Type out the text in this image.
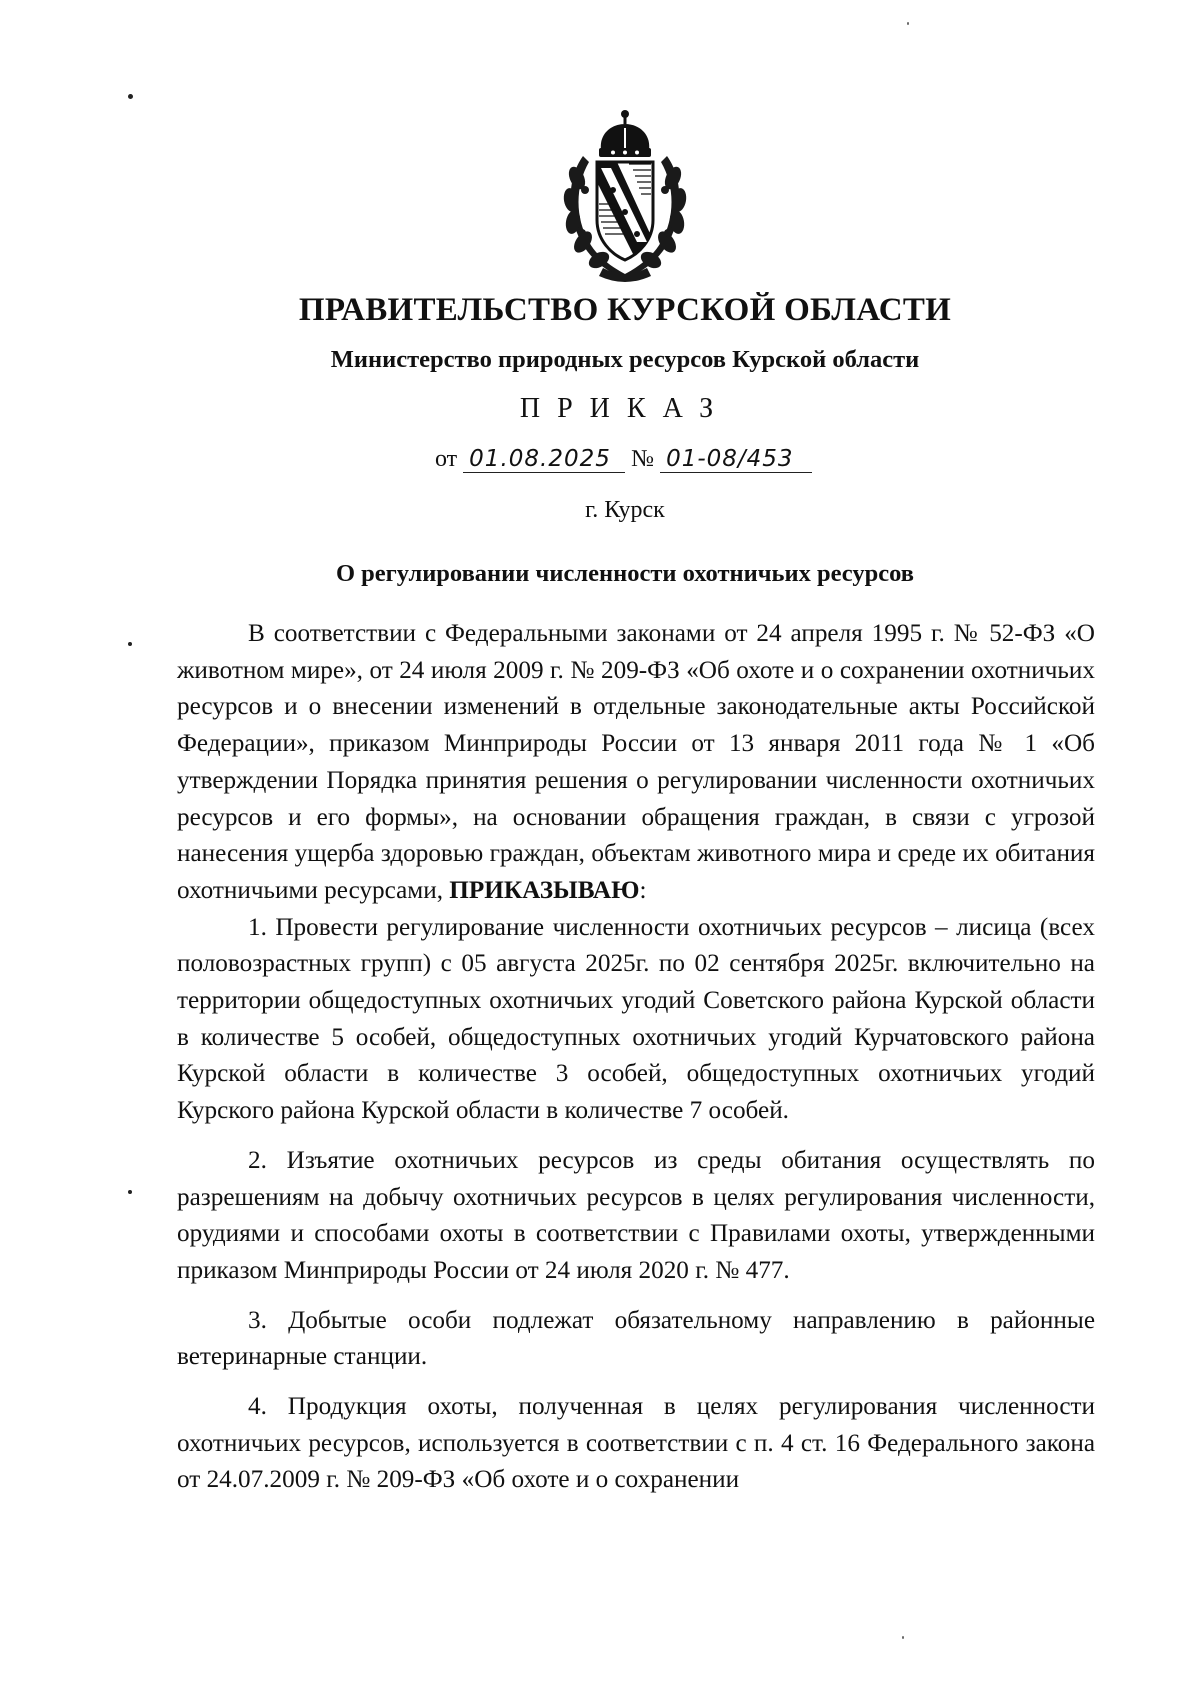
ПРАВИТЕЛЬСТВО КУРСКОЙ ОБЛАСТИ
Министерство природных ресурсов Курской области
ПРИКАЗ
от 01.08.2025 № 01-08/453
г. Курск
О регулировании численности охотничьих ресурсов

В соответствии с Федеральными законами от 24 апреля 1995 г. № 52-ФЗ «О животном мире», от 24 июля 2009 г. № 209-ФЗ «Об охоте и о сохранении охотничьих ресурсов и о внесении изменений в отдельные законодательные акты Российской Федерации», приказом Минприроды России от 13 января 2011 года № 1 «Об утверждении Порядка принятия решения о регулировании численности охотничьих ресурсов и его формы», на основании обращения граждан, в связи с угрозой нанесения ущерба здоровью граждан, объектам животного мира и среде их обитания охотничьими ресурсами, ПРИКАЗЫВАЮ:

1. Провести регулирование численности охотничьих ресурсов – лисица (всех половозрастных групп) с 05 августа 2025г. по 02 сентября 2025г. включительно на территории общедоступных охотничьих угодий Советского района Курской области в количестве 5 особей, общедоступных охотничьих угодий Курчатовского района Курской области в количестве 3 особей, общедоступных охотничьих угодий Курского района Курской области в количестве 7 особей.

2. Изъятие охотничьих ресурсов из среды обитания осуществлять по разрешениям на добычу охотничьих ресурсов в целях регулирования численности, орудиями и способами охоты в соответствии с Правилами охоты, утвержденными приказом Минприроды России от 24 июля 2020 г. № 477.

3. Добытые особи подлежат обязательному направлению в районные ветеринарные станции.

4. Продукция охоты, полученная в целях регулирования численности охотничьих ресурсов, используется в соответствии с п. 4 ст. 16 Федерального закона от 24.07.2009 г. № 209-ФЗ «Об охоте и о сохранении
